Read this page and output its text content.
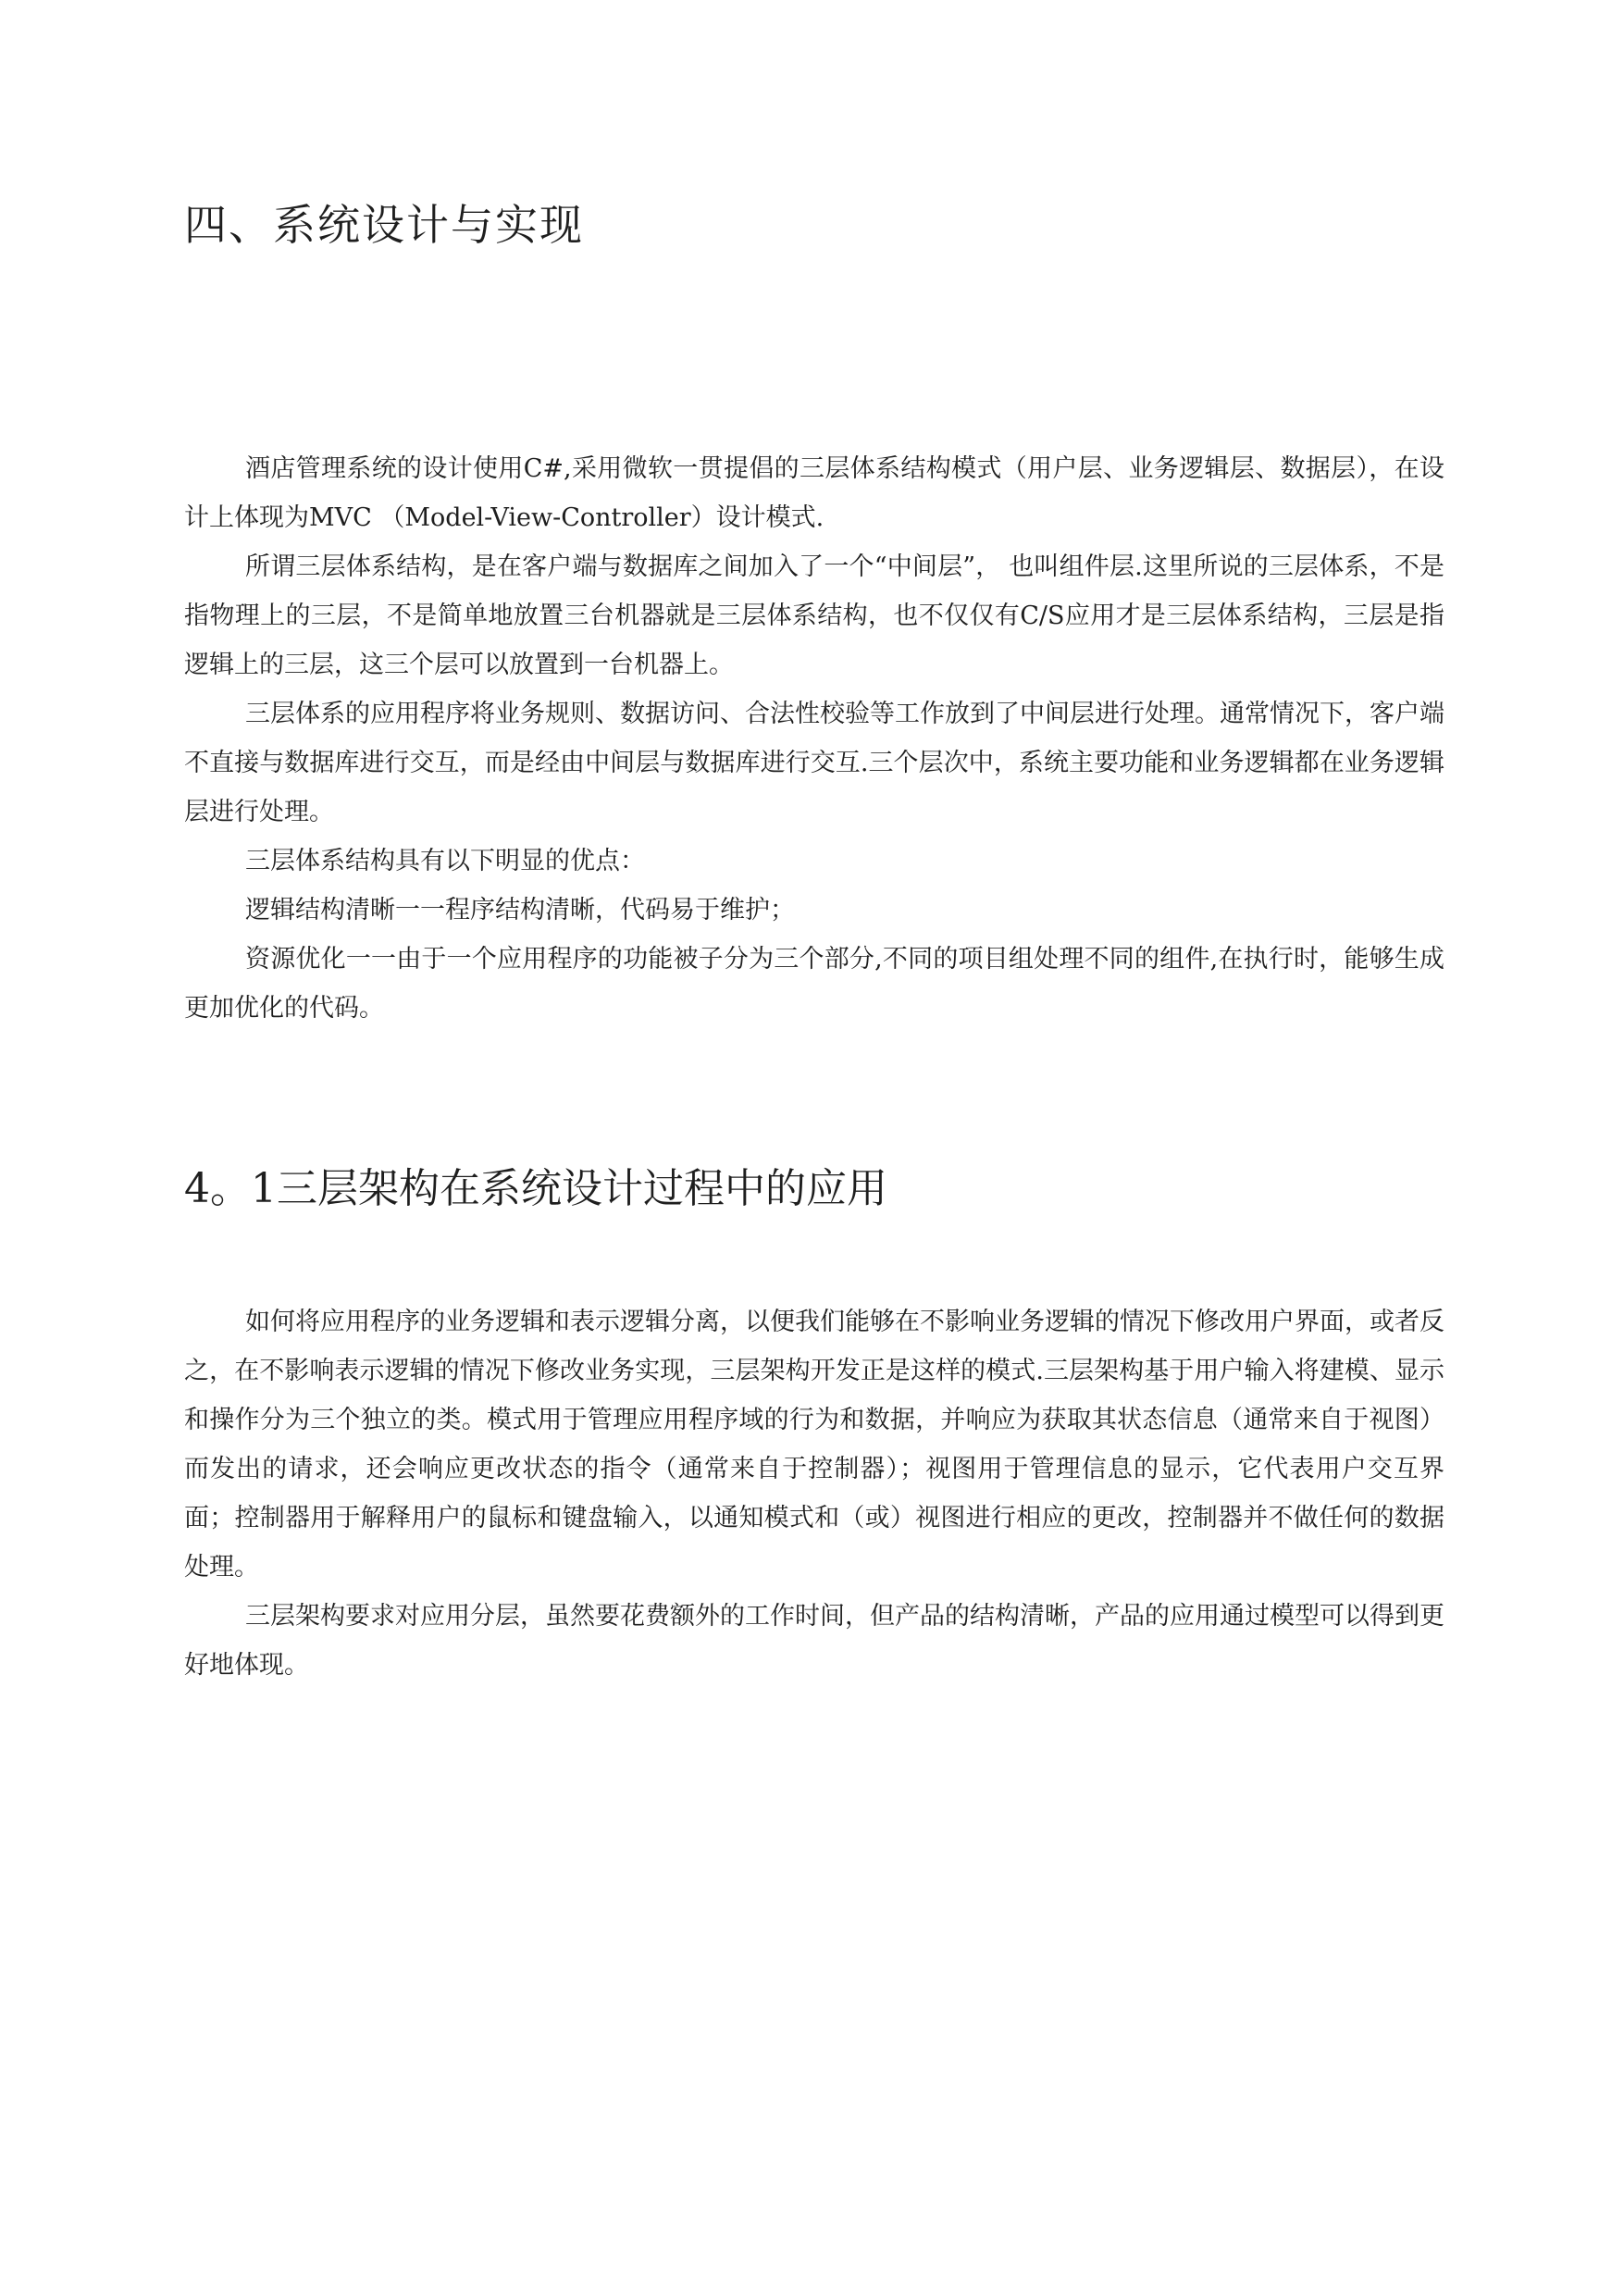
四、系统设计与实现

酒店管理系统的设计使用C#,采用微软一贯提倡的三层体系结构模式（用户层、业务逻辑层、数据层），在设计上体现为MVC （Model-View-Controller）设计模式.

所谓三层体系结构，是在客户端与数据库之间加入了一个“中间层”， 也叫组件层.这里所说的三层体系，不是指物理上的三层，不是简单地放置三台机器就是三层体系结构，也不仅仅有C/S应用才是三层体系结构，三层是指逻辑上的三层，这三个层可以放置到一台机器上。

三层体系的应用程序将业务规则、数据访问、合法性校验等工作放到了中间层进行处理。通常情况下，客户端不直接与数据库进行交互，而是经由中间层与数据库进行交互.三个层次中，系统主要功能和业务逻辑都在业务逻辑层进行处理。

三层体系结构具有以下明显的优点：

逻辑结构清晰一一程序结构清晰，代码易于维护；

资源优化一一由于一个应用程序的功能被子分为三个部分,不同的项目组处理不同的组件,在执行时，能够生成更加优化的代码。

4。1三层架构在系统设计过程中的应用

如何将应用程序的业务逻辑和表示逻辑分离，以便我们能够在不影响业务逻辑的情况下修改用户界面，或者反之，在不影响表示逻辑的情况下修改业务实现，三层架构开发正是这样的模式.三层架构基于用户输入将建模、显示和操作分为三个独立的类。模式用于管理应用程序域的行为和数据，并响应为获取其状态信息（通常来自于视图）而发出的请求，还会响应更改状态的指令（通常来自于控制器）；视图用于管理信息的显示，它代表用户交互界面；控制器用于解释用户的鼠标和键盘输入，以通知模式和（或）视图进行相应的更改，控制器并不做任何的数据处理。

三层架构要求对应用分层，虽然要花费额外的工作时间，但产品的结构清晰，产品的应用通过模型可以得到更好地体现。
